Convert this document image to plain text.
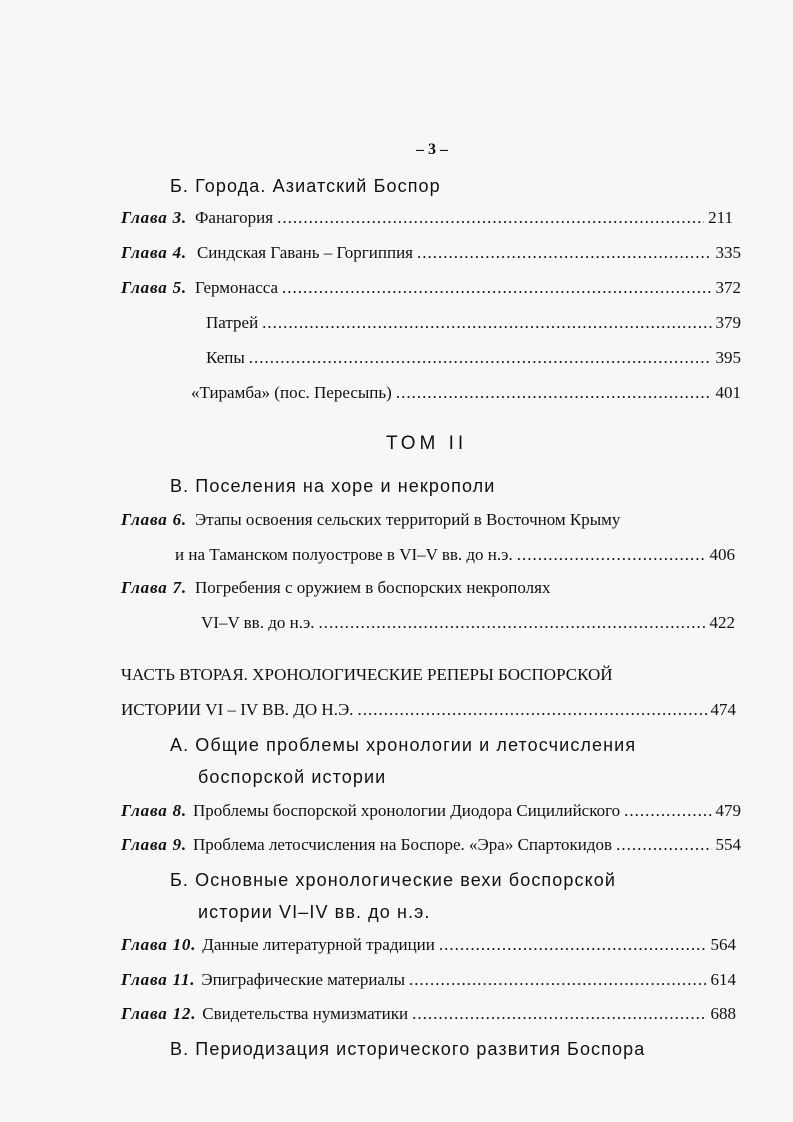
– 3 –
Б. Города. Азиатский Боспор
Глава 3. Фанагория .....	211
Глава 4. Синдская Гавань – Горгиппия .....	335
Глава 5. Гермонасса .....	372
Патрей .....	379
Кепы .....	395
«Тирамба» (пос. Пересыпь) .....	401
ТОМ II
В. Поселения на хоре и некрополи
Глава 6. Этапы освоения сельских территорий в Восточном Крыму
и на Таманском полуострове в VI–V вв. до н.э. .....	406
Глава 7. Погребения с оружием в боспорских некрополях
VI–V вв. до н.э. .....	422
ЧАСТЬ ВТОРАЯ. ХРОНОЛОГИЧЕСКИЕ РЕПЕРЫ БОСПОРСКОЙ
ИСТОРИИ VI – IV ВВ. ДО Н.Э. .....	474
А. Общие проблемы хронологии и летосчисления
боспорской истории
Глава 8. Проблемы боспорской хронологии Диодора Сицилийского .....	479
Глава 9. Проблема летосчисления на Боспоре. «Эра» Спартокидов .....	554
Б. Основные хронологические вехи боспорской
истории VI–IV вв. до н.э.
Глава 10. Данные литературной традиции .....	564
Глава 11. Эпиграфические материалы .....	614
Глава 12. Свидетельства нумизматики .....	688
В. Периодизация исторического развития Боспора
